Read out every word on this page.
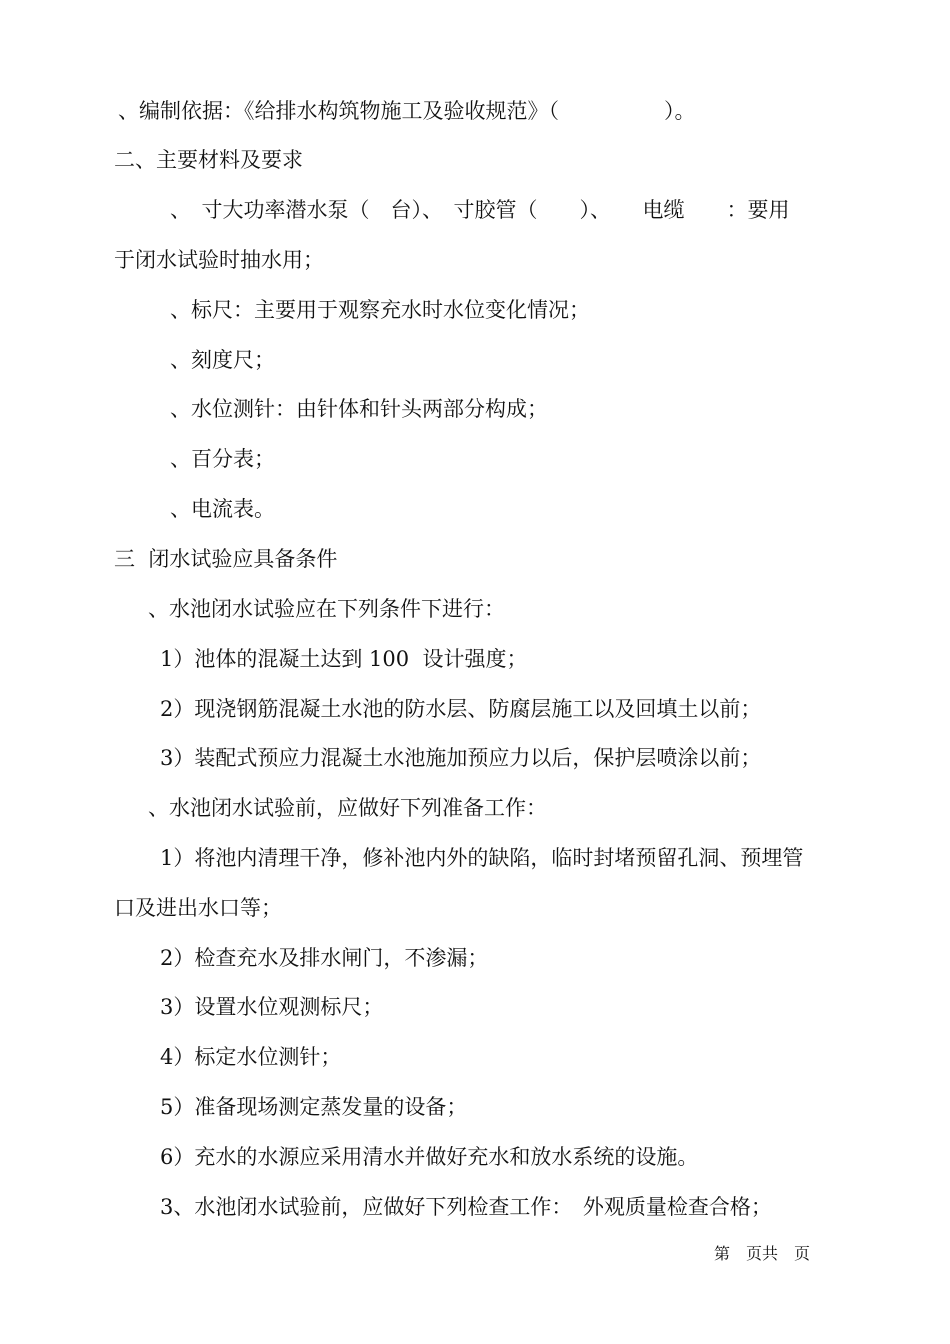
、编制依据：《给排水构筑物施工及验收规范》（　　　　　）。
二、主要材料及要求
、　寸大功率潜水泵（　台）、　寸胶管（　　）、　　电缆　　：要用
于闭水试验时抽水用；
、标尺：主要用于观察充水时水位变化情况；
、刻度尺；
、水位测针：由针体和针头两部分构成；
、百分表；
、电流表。
三  闭水试验应具备条件
、水池闭水试验应在下列条件下进行：
1）池体的混凝土达到 100  设计强度；
2）现浇钢筋混凝土水池的防水层、防腐层施工以及回填土以前；
3）装配式预应力混凝土水池施加预应力以后，保护层喷涂以前；
、水池闭水试验前，应做好下列准备工作：
1）将池内清理干净，修补池内外的缺陷，临时封堵预留孔洞、预埋管
口及进出水口等；
2）检查充水及排水闸门，不渗漏；
3）设置水位观测标尺；
4）标定水位测针；
5）准备现场测定蒸发量的设备；
6）充水的水源应采用清水并做好充水和放水系统的设施。
3、水池闭水试验前，应做好下列检查工作：　外观质量检查合格；
第　页共　页
